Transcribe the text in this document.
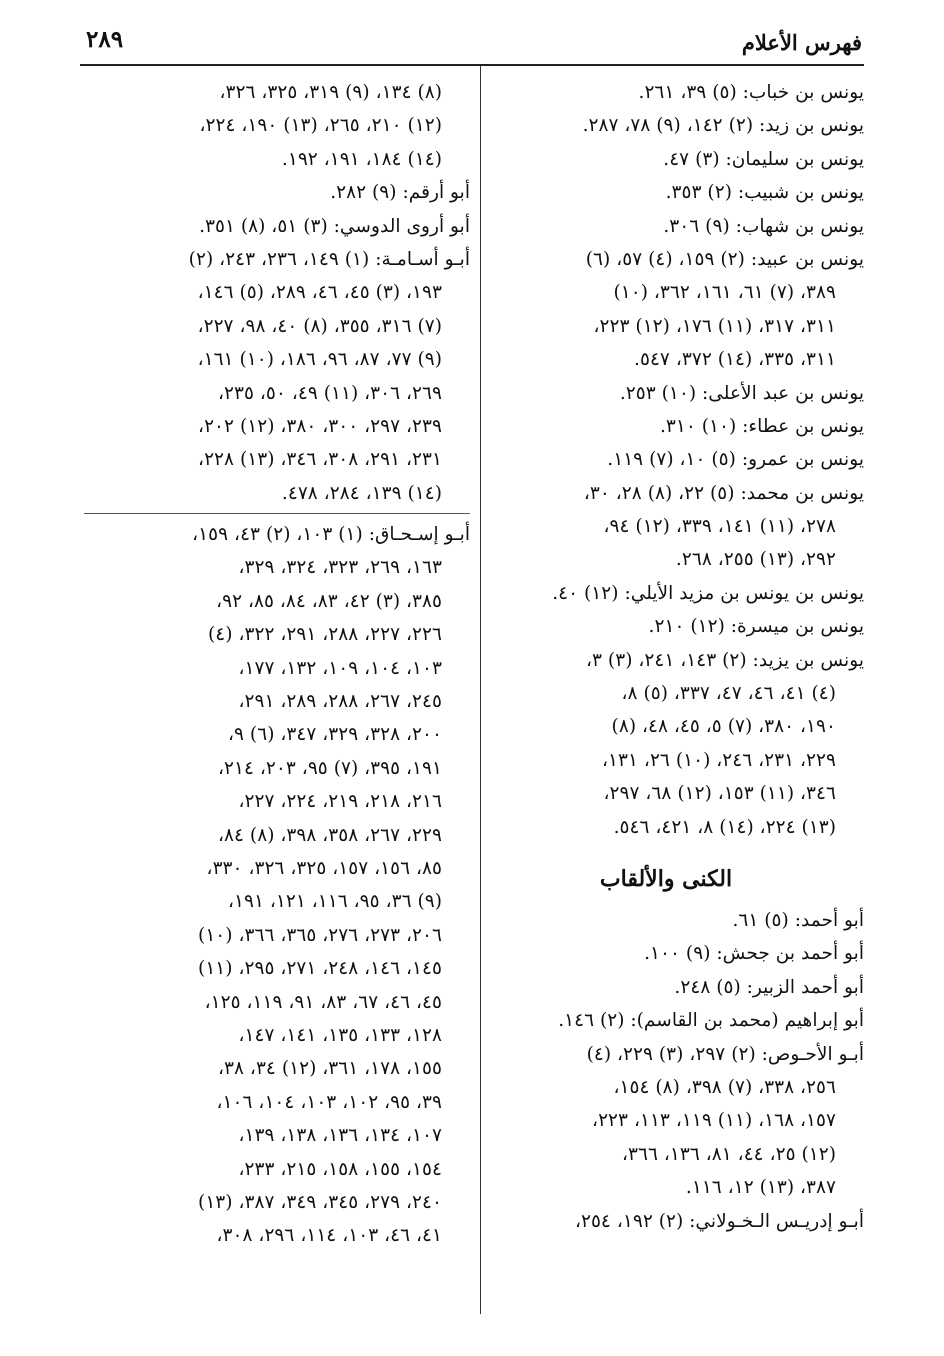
٢٨٩	فهرس الأعلام
يونس بن خباب: (٥) ٣٩، ٢٦١.
يونس بن زيد: (٢) ١٤٢، (٩) ٧٨، ٢٨٧.
يونس بن سليمان: (٣) ٤٧.
يونس بن شبيب: (٢) ٣٥٣.
يونس بن شهاب: (٩) ٣٠٦.
يونس بن عبيد: (٢) ١٥٩، (٤) ٥٧، (٦)
٣٨٩، (٧) ٦١، ١٦١، ٣٦٢، (١٠)
٣١١، ٣١٧، (١١) ١٧٦، (١٢) ٢٢٣،
٣١١، ٣٣٥، (١٤) ٣٧٢، ٥٤٧.
يونس بن عبد الأعلى: (١٠) ٢٥٣.
يونس بن عطاء: (١٠) ٣١٠.
يونس بن عمرو: (٥) ١٠، (٧) ١١٩.
يونس بن محمد: (٥) ٢٢، (٨) ٢٨، ٣٠،
٢٧٨، (١١) ١٤١، ٣٣٩، (١٢) ٩٤،
٢٩٢، (١٣) ٢٥٥، ٢٦٨.
يونس بن يونس بن مزيد الأيلي: (١٢) ٤٠.
يونس بن ميسرة: (١٢) ٢١٠.
يونس بن يزيد: (٢) ١٤٣، ٢٤١، (٣) ٣،
(٤) ٤١، ٤٦، ٤٧، ٣٣٧، (٥) ٨،
١٩٠، ٣٨٠، (٧) ٥، ٤٥، ٤٨، (٨)
٢٢٩، ٢٣١، ٢٤٦، (١٠) ٢٦، ١٣١،
٣٤٦، (١١) ١٥٣، (١٢) ٦٨، ٢٩٧،
(١٣) ٢٢٤، (١٤) ٨، ٤٢١، ٥٤٦.
الكنى والألقاب
أبو أحمد: (٥) ٦١.
أبو أحمد بن جحش: (٩) ١٠٠.
أبو أحمد الزبير: (٥) ٢٤٨.
أبو إبراهيم (محمد بن القاسم): (٢) ١٤٦.
أبـو الأحـوص: (٢) ٢٩٧، (٣) ٢٢٩، (٤)
٢٥٦، ٣٣٨، (٧) ٣٩٨، (٨) ١٥٤،
١٥٧، ١٦٨، (١١) ١١٩، ١١٣، ٢٢٣،
(١٢) ٢٥، ٤٤، ٨١، ١٣٦، ٣٦٦،
٣٨٧، (١٣) ١٢، ١١٦.
أبـو إدريـس الـخـولاني: (٢) ١٩٢، ٢٥٤،
(٨) ١٣٤، (٩) ٣١٩، ٣٢٥، ٣٢٦،
(١٢) ٢١٠، ٢٦٥، (١٣) ١٩٠، ٢٢٤،
(١٤) ١٨٤، ١٩١، ١٩٢.
أبو أرقم: (٩) ٢٨٢.
أبو أروى الدوسي: (٣) ٥١، (٨) ٣٥١.
أبـو أسـامـة: (١) ١٤٩، ٢٣٦، ٢٤٣، (٢)
١٩٣، (٣) ٤٥، ٤٦، ٢٨٩، (٥) ١٤٦،
(٧) ٣١٦، ٣٥٥، (٨) ٤٠، ٩٨، ٢٢٧،
(٩) ٧٧، ٨٧، ٩٦، ١٨٦، (١٠) ١٦١،
٢٦٩، ٣٠٦، (١١) ٤٩، ٥٠، ٢٣٥،
٢٣٩، ٢٩٧، ٣٠٠، ٣٨٠، (١٢) ٢٠٢،
٢٣١، ٢٩١، ٣٠٨، ٣٤٦، (١٣) ٢٢٨،
(١٤) ١٣٩، ٢٨٤، ٤٧٨.
أبـو إسـحـاق: (١) ١٠٣، (٢) ٤٣، ١٥٩،
١٦٣، ٢٦٩، ٣٢٣، ٣٢٤، ٣٢٩،
٣٨٥، (٣) ٤٢، ٨٣، ٨٤، ٨٥، ٩٢،
٢٢٦، ٢٢٧، ٢٨٨، ٢٩١، ٣٢٢، (٤)
١٠٣، ١٠٤، ١٠٩، ١٣٢، ١٧٧،
٢٤٥، ٢٦٧، ٢٨٨، ٢٨٩، ٢٩١،
٢٠٠، ٣٢٨، ٣٢٩، ٣٤٧، (٦) ٩،
١٩١، ٣٩٥، (٧) ٩٥، ٢٠٣، ٢١٤،
٢١٦، ٢١٨، ٢١٩، ٢٢٤، ٢٢٧،
٢٢٩، ٢٦٧، ٣٥٨، ٣٩٨، (٨) ٨٤،
٨٥، ١٥٦، ١٥٧، ٣٢٥، ٣٢٦، ٣٣٠،
(٩) ٣٦، ٩٥، ١١٦، ١٢١، ١٩١،
٢٠٦، ٢٧٣، ٢٧٦، ٣٦٥، ٣٦٦، (١٠)
١٤٥، ١٤٦، ٢٤٨، ٢٧١، ٢٩٥، (١١)
٤٥، ٤٦، ٦٧، ٨٣، ٩١، ١١٩، ١٢٥،
١٢٨، ١٣٣، ١٣٥، ١٤١، ١٤٧،
١٥٥، ١٧٨، ٣٦١، (١٢) ٣٤، ٣٨،
٣٩، ٩٥، ١٠٢، ١٠٣، ١٠٤، ١٠٦،
١٠٧، ١٣٤، ١٣٦، ١٣٨، ١٣٩،
١٥٤، ١٥٥، ١٥٨، ٢١٥، ٢٣٣،
٢٤٠، ٢٧٩، ٣٤٥، ٣٤٩، ٣٨٧، (١٣)
٤١، ٤٦، ١٠٣، ١١٤، ٢٩٦، ٣٠٨،
